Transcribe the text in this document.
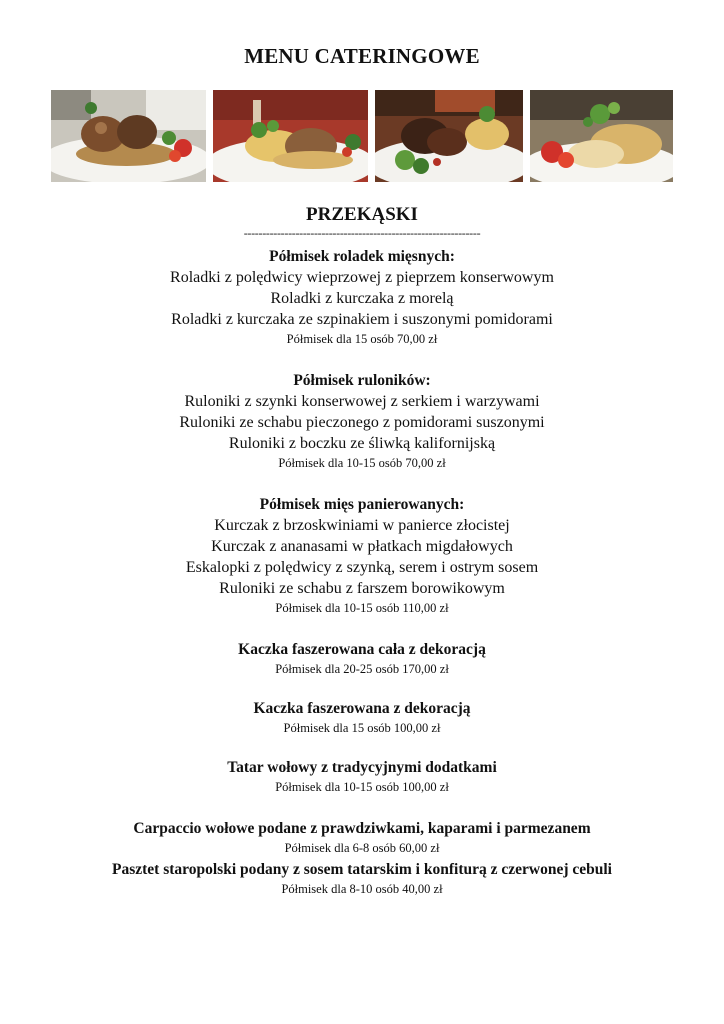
MENU CATERINGOWE
PRZEKĄSKI
----------------------------------------------------------------
Półmisek roladek mięsnych:
Roladki z polędwicy wieprzowej z pieprzem konserwowym
Roladki z kurczaka z morelą
Roladki z kurczaka ze szpinakiem i suszonymi pomidorami
Półmisek dla 15 osób 70,00 zł
Półmisek ruloników:
Ruloniki z szynki konserwowej z serkiem i warzywami
Ruloniki ze schabu pieczonego z pomidorami suszonymi
Ruloniki z boczku ze śliwką kalifornijską
Półmisek dla 10-15 osób 70,00 zł
Półmisek mięs panierowanych:
Kurczak z brzoskwiniami w panierce złocistej
Kurczak z ananasami w płatkach migdałowych
Eskalopki z polędwicy z szynką, serem i ostrym sosem
Ruloniki ze schabu z farszem borowikowym
Półmisek dla 10-15 osób 110,00 zł
Kaczka faszerowana cała z dekoracją
Półmisek dla 20-25 osób 170,00 zł
Kaczka faszerowana z dekoracją
Półmisek dla 15 osób 100,00 zł
Tatar wołowy z tradycyjnymi dodatkami
Półmisek dla 10-15 osób 100,00 zł
Carpaccio wołowe podane z prawdziwkami, kaparami i parmezanem
Półmisek dla 6-8 osób 60,00 zł
Pasztet staropolski podany z sosem tatarskim i konfiturą z czerwonej cebuli
Półmisek dla 8-10 osób 40,00 zł
